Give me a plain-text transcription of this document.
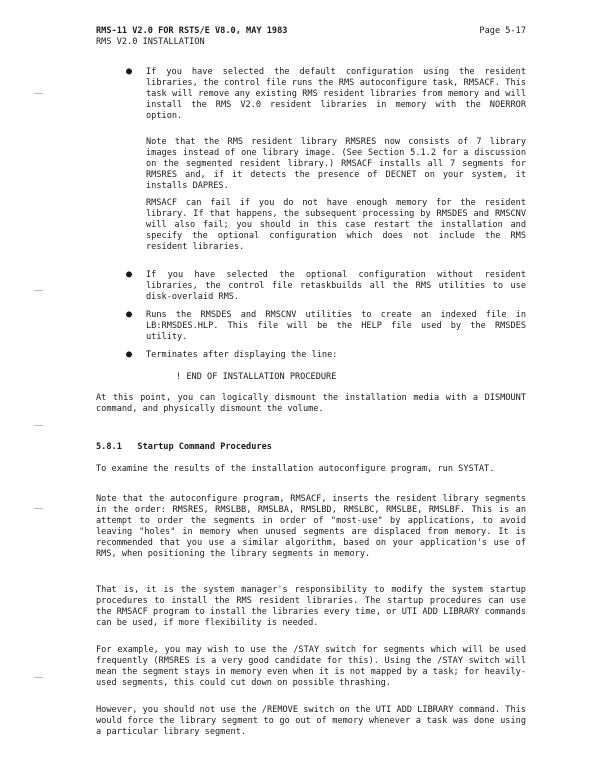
RMS-11 V2.0 FOR RSTS/E V8.0, MAY 1983	Page 5-17
RMS V2.0 INSTALLATION
● If you have selected the default configuration using the resident libraries, the control file runs the RMS autoconfigure task, RMSACF. This task will remove any existing RMS resident libraries from memory and will install the RMS V2.0 resident libraries in memory with the NOERROR option.

Note that the RMS resident library RMSRES now consists of 7 library images instead of one library image. (See Section 5.1.2 for a discussion on the segmented resident library.) RMSACF installs all 7 segments for RMSRES and, if it detects the presence of DECNET on your system, it installs DAPRES.

RMSACF can fail if you do not have enough memory for the resident library. If that happens, the subsequent processing by RMSDES and RMSCNV will also fail; you should in this case restart the installation and specify the optional configuration which does not include the RMS resident libraries.

● If you have selected the optional configuration without resident libraries, the control file retaskbuilds all the RMS utilities to use disk-overlaid RMS.

● Runs the RMSDES and RMSCNV utilities to create an indexed file in LB:RMSDES.HLP. This file will be the HELP file used by the RMSDES utility.

● Terminates after displaying the line:

! END OF INSTALLATION PROCEDURE

At this point, you can logically dismount the installation media with a DISMOUNT command, and physically dismount the volume.

5.8.1 Startup Command Procedures

To examine the results of the installation autoconfigure program, run SYSTAT.

Note that the autoconfigure program, RMSACF, inserts the resident library segments in the order: RMSRES, RMSLBB, RMSLBA, RMSLBD, RMSLBC, RMSLBE, RMSLBF. This is an attempt to order the segments in order of "most-use" by applications, to avoid leaving "holes" in memory when unused segments are displaced from memory. It is recommended that you use a similar algorithm, based on your application's use of RMS, when positioning the library segments in memory.

That is, it is the system manager's responsibility to modify the system startup procedures to install the RMS resident libraries. The startup procedures can use the RMSACF program to install the libraries every time, or UTI ADD LIBRARY commands can be used, if more flexibility is needed.

For example, you may wish to use the /STAY switch for segments which will be used frequently (RMSRES is a very good candidate for this). Using the /STAY switch will mean the segment stays in memory even when it is not mapped by a task; for heavily-used segments, this could cut down on possible thrashing.

However, you should not use the /REMOVE switch on the UTI ADD LIBRARY command. This would force the library segment to go out of memory whenever a task was done using a particular library segment.
